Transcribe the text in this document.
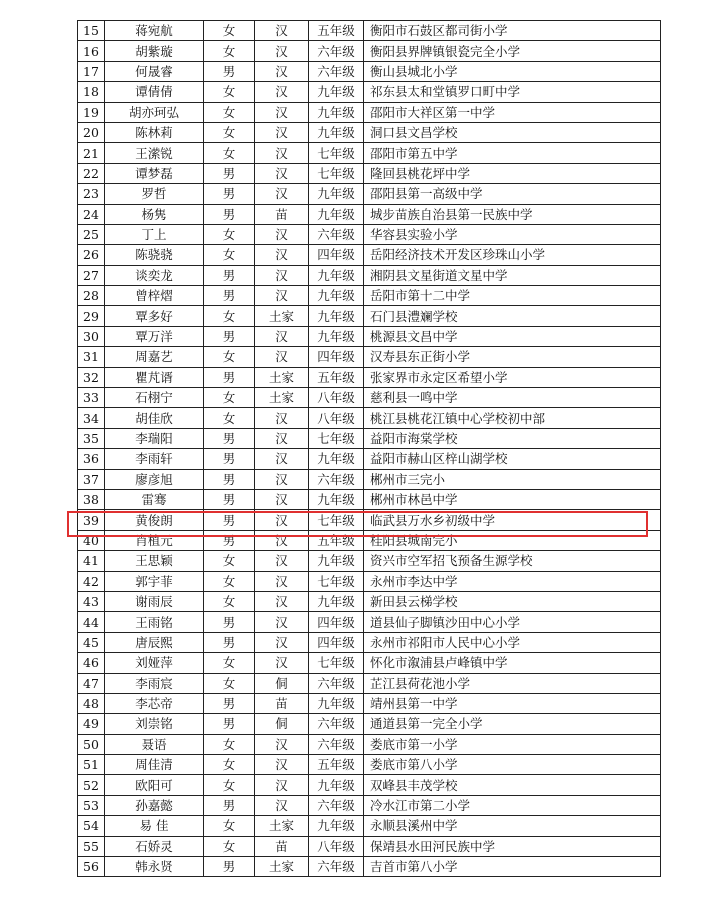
15	蒋宛航	女	汉	五年级	衡阳市石鼓区都司街小学
16	胡紫璇	女	汉	六年级	衡阳县界牌镇银瓷完全小学
17	何晟睿	男	汉	六年级	衡山县城北小学
18	谭倩倩	女	汉	九年级	祁东县太和堂镇罗口町中学
19	胡亦珂弘	女	汉	九年级	邵阳市大祥区第一中学
20	陈林莉	女	汉	九年级	洞口县文昌学校
21	王潆锐	女	汉	七年级	邵阳市第五中学
22	谭梦磊	男	汉	七年级	隆回县桃花坪中学
23	罗哲	男	汉	九年级	邵阳县第一高级中学
24	杨隽	男	苗	九年级	城步苗族自治县第一民族中学
25	丁上	女	汉	六年级	华容县实验小学
26	陈骁骁	女	汉	四年级	岳阳经济技术开发区珍珠山小学
27	谈奕龙	男	汉	九年级	湘阴县文星街道文星中学
28	曾梓熠	男	汉	九年级	岳阳市第十二中学
29	覃多好	女	土家	九年级	石门县澧斓学校
30	覃万洋	男	汉	九年级	桃源县文昌中学
31	周嘉艺	女	汉	四年级	汉寿县东正街小学
32	瞿芃谞	男	土家	五年级	张家界市永定区希望小学
33	石栩宁	女	土家	八年级	慈利县一鸣中学
34	胡佳欣	女	汉	八年级	桃江县桃花江镇中心学校初中部
35	李瑞阳	男	汉	七年级	益阳市海棠学校
36	李雨轩	男	汉	九年级	益阳市赫山区梓山湖学校
37	廖彦旭	男	汉	六年级	郴州市三完小
38	雷骞	男	汉	九年级	郴州市林邑中学
39	黄俊朗	男	汉	七年级	临武县万水乡初级中学
40	肖植元	男	汉	五年级	桂阳县城南完小
41	王思颖	女	汉	九年级	资兴市空军招飞预备生源学校
42	郭宇菲	女	汉	七年级	永州市李达中学
43	谢雨辰	女	汉	九年级	新田县云梯学校
44	王雨铭	男	汉	四年级	道县仙子脚镇沙田中心小学
45	唐辰熙	男	汉	四年级	永州市祁阳市人民中心小学
46	刘娅萍	女	汉	七年级	怀化市溆浦县卢峰镇中学
47	李雨宸	女	侗	六年级	芷江县荷花池小学
48	李芯帝	男	苗	九年级	靖州县第一中学
49	刘崇铭	男	侗	六年级	通道县第一完全小学
50	聂语	女	汉	六年级	娄底市第一小学
51	周佳清	女	汉	五年级	娄底市第八小学
52	欧阳可	女	汉	九年级	双峰县丰茂学校
53	孙嘉懿	男	汉	六年级	冷水江市第二小学
54	易 佳	女	土家	九年级	永顺县溪州中学
55	石娇灵	女	苗	八年级	保靖县水田河民族中学
56	韩永贤	男	土家	六年级	吉首市第八小学
